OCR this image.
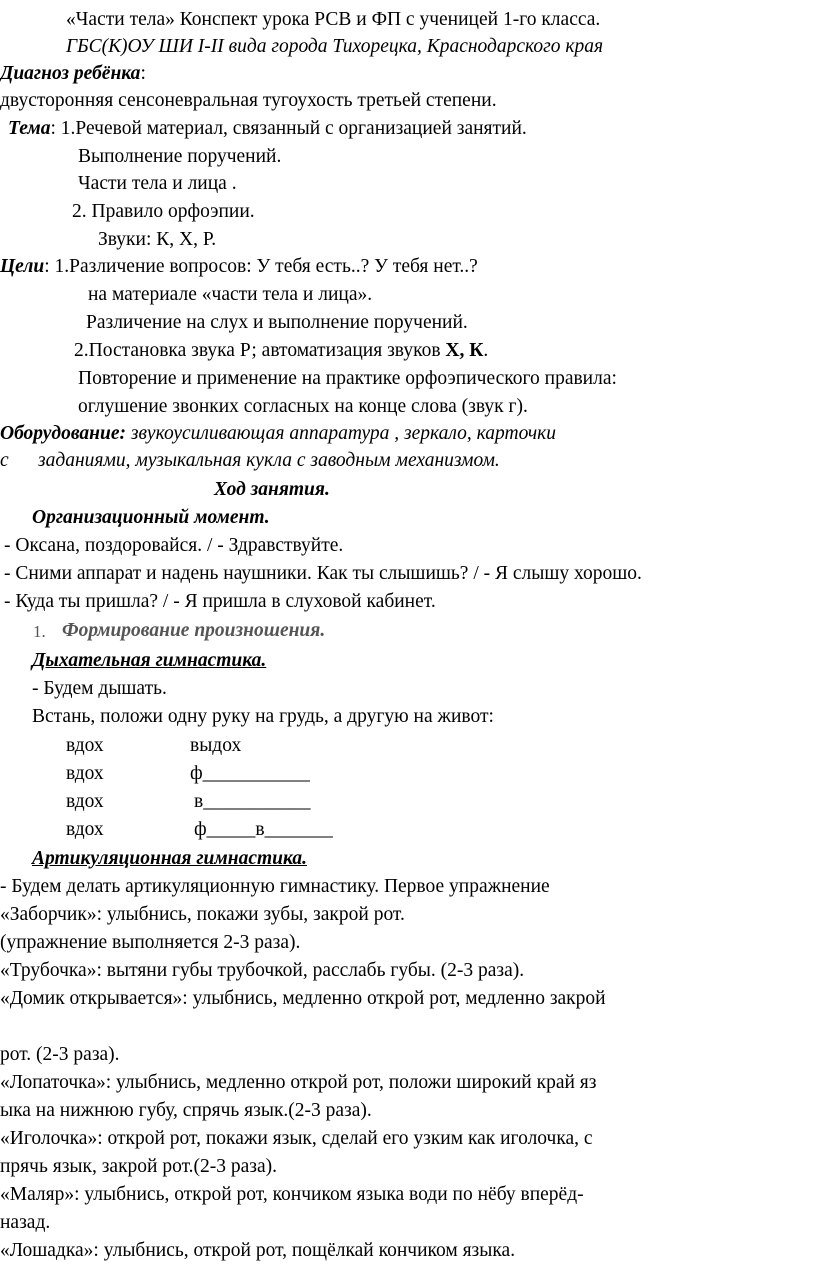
«Части тела» Конспект урока РСВ и ФП с ученицей 1-го класса.
ГБС(К)ОУ ШИ I-II вида города Тихорецка, Краснодарского края
Диагноз ребёнка:
двусторонняя сенсоневральная тугоухость третьей степени.
Тема: 1.Речевой материал, связанный с организацией занятий.
Выполнение поручений.
Части тела и лица .
2. Правило орфоэпии.
Звуки: К, Х, Р.
Цели: 1.Различение вопросов: У тебя есть..? У тебя нет..?
на материале «части тела и лица».
Различение на слух и выполнение поручений.
2.Постановка звука Р; автоматизация звуков Х, К.
Повторение и применение на практике орфоэпического правила:
оглушение звонких согласных на конце слова (звук г).
Оборудование: звукоусиливающая аппаратура , зеркало, карточки
с заданиями, музыкальная кукла с заводным механизмом.
Ход занятия.
Организационный момент.
- Оксана, поздоровайся. / - Здравствуйте.
- Сними аппарат и надень наушники. Как ты слышишь? / - Я слышу хорошо.
- Куда ты пришла? / - Я пришла в слуховой кабинет.
1. Формирование произношения.
Дыхательная гимнастика.
- Будем дышать.
Встань, положи одну руку на грудь, а другую на живот:
вдох	выдох
вдох	ф___________
вдох	в___________
вдох	ф_____в_______
Артикуляционная гимнастика.
- Будем делать артикуляционную гимнастику. Первое упражнение
«Заборчик»: улыбнись, покажи зубы, закрой рот.
(упражнение выполняется 2-3 раза).
«Трубочка»: вытяни губы трубочкой, расслабь губы. (2-3 раза).
«Домик открывается»: улыбнись, медленно открой рот, медленно закрой
рот. (2-3 раза).
«Лопаточка»: улыбнись, медленно открой рот, положи широкий край яз
ыка на нижнюю губу, спрячь язык.(2-3 раза).
«Иголочка»: открой рот, покажи язык, сделай его узким как иголочка, с
прячь язык, закрой рот.(2-3 раза).
«Маляр»: улыбнись, открой рот, кончиком языка води по нёбу вперёд-
назад.
«Лошадка»: улыбнись, открой рот, пощёлкай кончиком языка.
